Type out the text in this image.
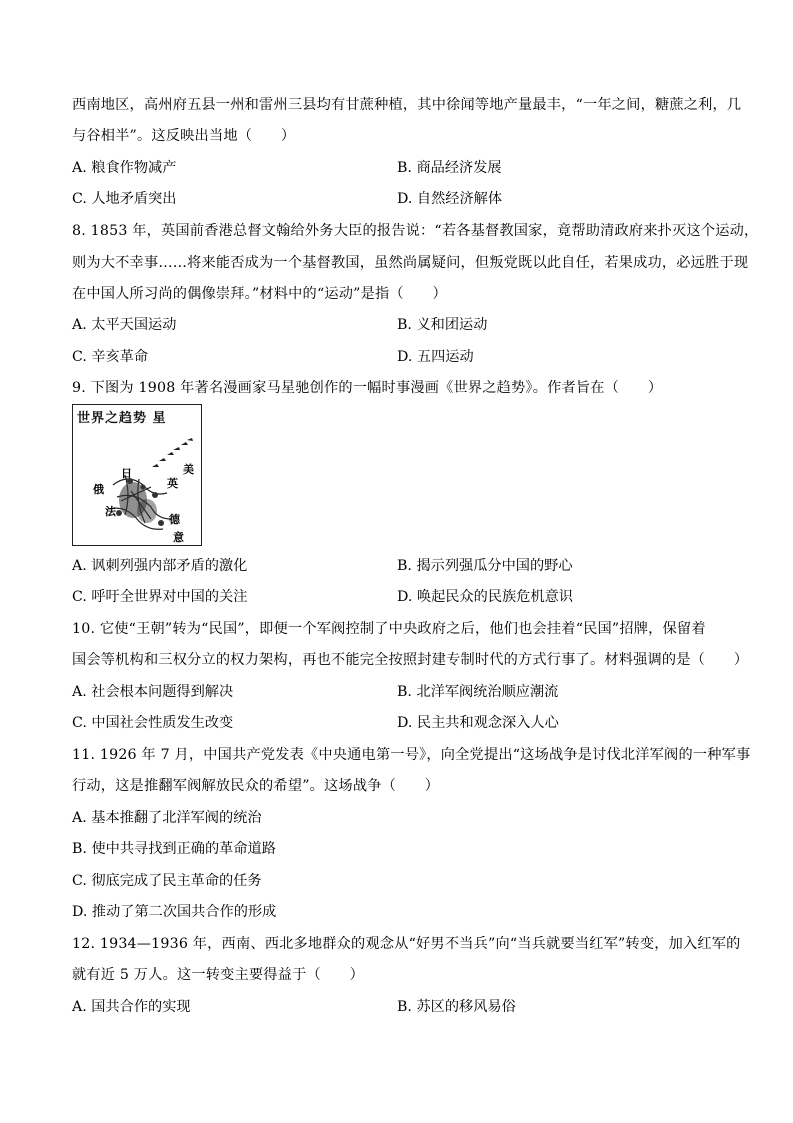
西南地区，高州府五县一州和雷州三县均有甘蔗种植，其中徐闻等地产量最丰，“一年之间，糖蔗之利，几
与谷相半”。这反映出当地（　　）
A. 粮食作物减产	B. 商品经济发展
C. 人地矛盾突出	D. 自然经济解体
8. 1853 年，英国前香港总督文翰给外务大臣的报告说：“若各基督教国家，竟帮助清政府来扑灭这个运动，
则为大不幸事……将来能否成为一个基督教国，虽然尚属疑问，但叛党既以此自任，若果成功，必远胜于现
在中国人所习尚的偶像崇拜。”材料中的“运动”是指（　　）
A. 太平天国运动	B. 义和团运动
C. 辛亥革命	D. 五四运动
9. 下图为 1908 年著名漫画家马星驰创作的一幅时事漫画《世界之趋势》。作者旨在（　　）
世界之趋势 星
日
俄
法
英
美
德
意
A. 讽刺列强内部矛盾的激化	B. 揭示列强瓜分中国的野心
C. 呼吁全世界对中国的关注	D. 唤起民众的民族危机意识
10. 它使“王朝”转为“民国”，即便一个军阀控制了中央政府之后，他们也会挂着“民国”招牌，保留着
国会等机构和三权分立的权力架构，再也不能完全按照封建专制时代的方式行事了。材料强调的是（　　）
A. 社会根本问题得到解决	B. 北洋军阀统治顺应潮流
C. 中国社会性质发生改变	D. 民主共和观念深入人心
11. 1926 年 7 月，中国共产党发表《中央通电第一号》，向全党提出“这场战争是讨伐北洋军阀的一种军事
行动，这是推翻军阀解放民众的希望”。这场战争（　　）
A. 基本推翻了北洋军阀的统治
B. 使中共寻找到正确的革命道路
C. 彻底完成了民主革命的任务
D. 推动了第二次国共合作的形成
12. 1934—1936 年，西南、西北多地群众的观念从“好男不当兵”向“当兵就要当红军”转变，加入红军的
就有近 5 万人。这一转变主要得益于（　　）
A. 国共合作的实现	B. 苏区的移风易俗
